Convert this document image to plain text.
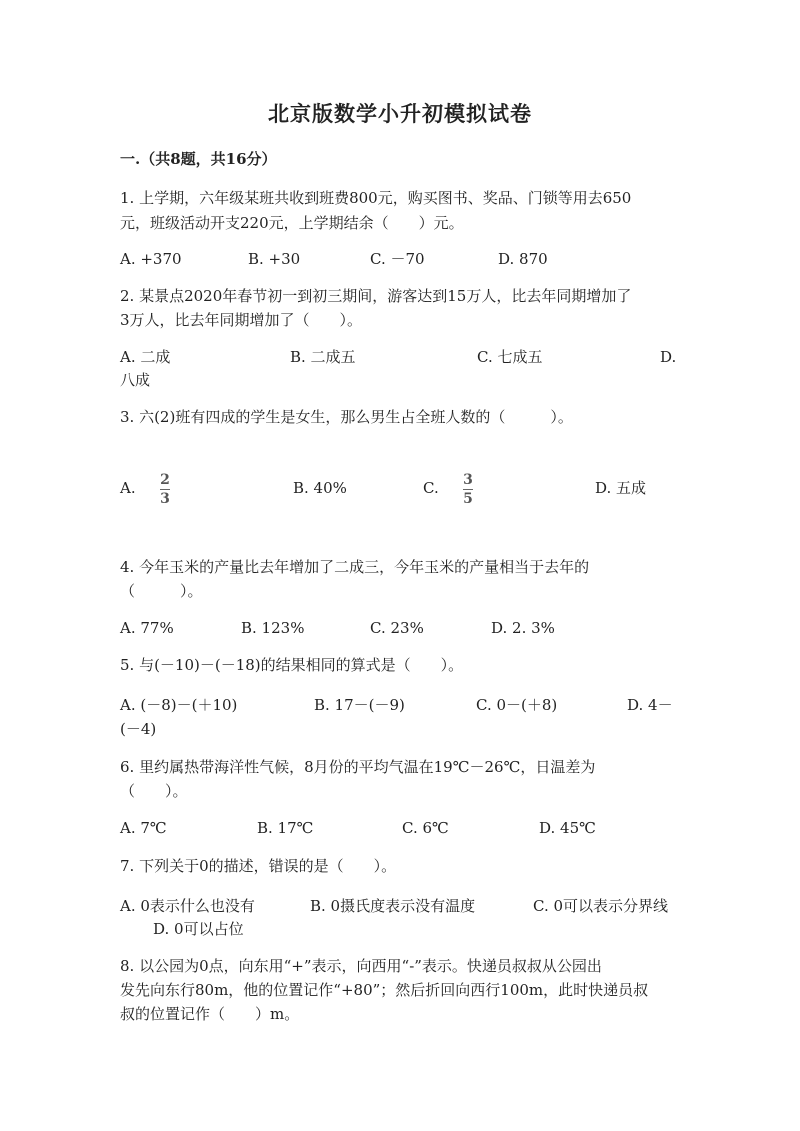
北京版数学小升初模拟试卷
一.（共8题，共16分）
1. 上学期，六年级某班共收到班费800元，购买图书、奖品、门锁等用去650
元，班级活动开支220元，上学期结余（　　）元。
A. +370	B. +30	C. －70	D. 870
2. 某景点2020年春节初一到初三期间，游客达到15万人，比去年同期增加了
3万人，比去年同期增加了（　　）。
A. 二成	B. 二成五	C. 七成五	D.
八成
3. 六(2)班有四成的学生是女生，那么男生占全班人数的（　　　）。
A. 2
3
B. 40%	C. 3
5
D. 五成
4. 今年玉米的产量比去年增加了二成三，今年玉米的产量相当于去年的
（　　　）。
A. 77%	B. 123%	C. 23%	D. 2. 3%
5. 与(－10)－(－18)的结果相同的算式是（　　）。
A. (－8)－(＋10)	B. 17－(－9)	C. 0－(＋8)	D. 4－
(－4)
6. 里约属热带海洋性气候，8月份的平均气温在19℃－26℃，日温差为
（　　）。
A. 7℃	B. 17℃	C. 6℃	D. 45℃
7. 下列关于0的描述，错误的是（　　）。
A. 0表示什么也没有	B. 0摄氏度表示没有温度	C. 0可以表示分界线
D. 0可以占位
8. 以公园为0点，向东用“+”表示，向西用“-”表示。快递员叔叔从公园出
发先向东行80m，他的位置记作“+80”；然后折回向西行100m，此时快递员叔
叔的位置记作（　　）m。
